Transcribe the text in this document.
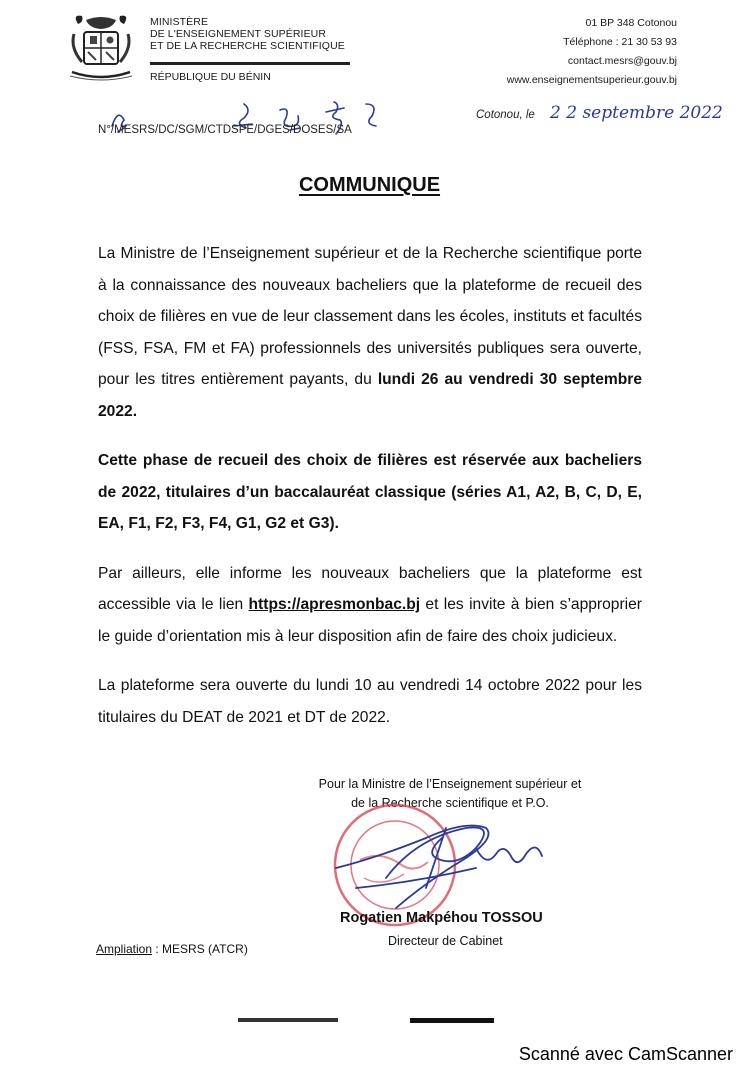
MINISTÈRE
DE L'ENSEIGNEMENT SUPÉRIEUR
ET DE LA RECHERCHE SCIENTIFIQUE
RÉPUBLIQUE DU BÉNIN
01 BP 348 Cotonou
Téléphone : 21 30 53 93
contact.mesrs@gouv.bj
www.enseignementsuperieur.gouv.bj
N°/MESRS/DC/SGM/CTDSPE/DGES/DOSES/SA
Cotonou, le 2 2 septembre 2022
COMMUNIQUE

La Ministre de l’Enseignement supérieur et de la Recherche scientifique porte à la connaissance des nouveaux bacheliers que la plateforme de recueil des choix de filières en vue de leur classement dans les écoles, instituts et facultés (FSS, FSA, FM et FA) professionnels des universités publiques sera ouverte, pour les titres entièrement payants, du lundi 26 au vendredi 30 septembre 2022.

Cette phase de recueil des choix de filières est réservée aux bacheliers de 2022, titulaires d’un baccalauréat classique (séries A1, A2, B, C, D, E, EA, F1, F2, F3, F4, G1, G2 et G3).

Par ailleurs, elle informe les nouveaux bacheliers que la plateforme est accessible via le lien https://apresmonbac.bj et les invite à bien s’approprier le guide d’orientation mis à leur disposition afin de faire des choix judicieux.

La plateforme sera ouverte du lundi 10 au vendredi 14 octobre 2022 pour les titulaires du DEAT de 2021 et DT de 2022.

Pour la Ministre de l’Enseignement supérieur et
de la Recherche scientifique et P.O.
Rogatien Makpéhou TOSSOU
Directeur de Cabinet
Ampliation : MESRS (ATCR)
Scanné avec CamScanner
